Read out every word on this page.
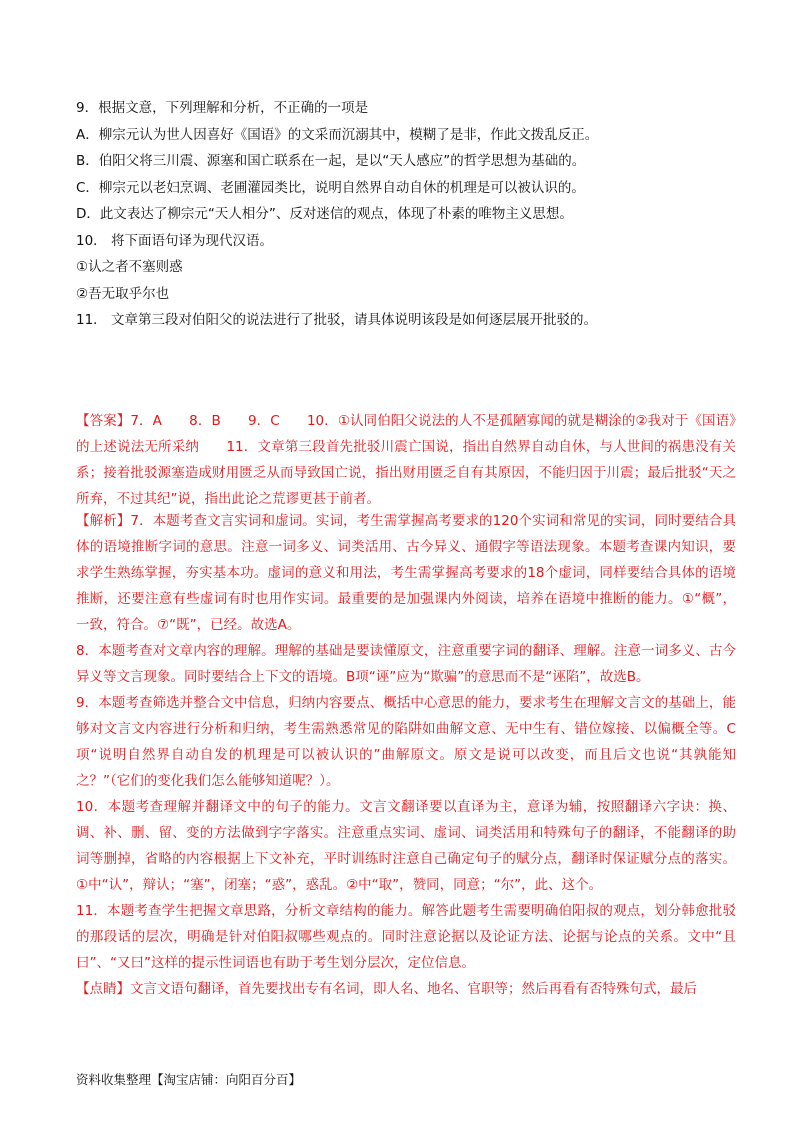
9．根据文意，下列理解和分析，不正确的一项是

A．柳宗元认为世人因喜好《国语》的文采而沉溺其中，模糊了是非，作此文拨乱反正。

B．伯阳父将三川震、源塞和国亡联系在一起，是以“天人感应”的哲学思想为基础的。

C．柳宗元以老妇烹调、老圃灌园类比，说明自然界自动自休的机理是可以被认识的。

D．此文表达了柳宗元“天人相分”、反对迷信的观点，体现了朴素的唯物主义思想。

10． 将下面语句译为现代汉语。

①认之者不塞则惑

②吾无取乎尔也

11． 文章第三段对伯阳父的说法进行了批驳，请具体说明该段是如何逐层展开批驳的。

【答案】7．A　　8．B　　9．C　　10．①认同伯阳父说法的人不是孤陋寡闻的就是糊涂的②我对于《国语》的上述说法无所采纳　　11．文章第三段首先批驳川震亡国说，指出自然界自动自休，与人世间的祸患没有关系；接着批驳源塞造成财用匮乏从而导致国亡说，指出财用匮乏自有其原因，不能归因于川震；最后批驳“天之所弃，不过其纪”说，指出此论之荒谬更甚于前者。

【解析】7．本题考查文言实词和虚词。实词，考生需掌握高考要求的120个实词和常见的实词，同时要结合具体的语境推断字词的意思。注意一词多义、词类活用、古今异义、通假字等语法现象。本题考查课内知识，要求学生熟练掌握，夯实基本功。虚词的意义和用法，考生需掌握高考要求的18个虚词，同样要结合具体的语境推断，还要注意有些虚词有时也用作实词。最重要的是加强课内外阅读，培养在语境中推断的能力。①“概”，一致，符合。⑦“既”，已经。故选A。

8．本题考查对文章内容的理解。理解的基础是要读懂原文，注意重要字词的翻译、理解。注意一词多义、古今异义等文言现象。同时要结合上下文的语境。B项“诬”应为“欺骗”的意思而不是“诬陷”，故选B。

9．本题考查筛选并整合文中信息，归纳内容要点、概括中心意思的能力，要求考生在理解文言文的基础上，能够对文言文内容进行分析和归纳，考生需熟悉常见的陷阱如曲解文意、无中生有、错位嫁接、以偏概全等。C项“说明自然界自动自发的机理是可以被认识的”曲解原文。原文是说可以改变，而且后文也说“其孰能知之？”（它们的变化我们怎么能够知道呢？）。

10．本题考查理解并翻译文中的句子的能力。文言文翻译要以直译为主，意译为辅，按照翻译六字诀：换、调、补、删、留、变的方法做到字字落实。注意重点实词、虚词、词类活用和特殊句子的翻译，不能翻译的助词等删掉，省略的内容根据上下文补充，平时训练时注意自己确定句子的赋分点，翻译时保证赋分点的落实。①中“认”，辩认；“塞”，闭塞；“惑”，惑乱。②中“取”，赞同，同意；“尔”，此、这个。

11．本题考查学生把握文章思路，分析文章结构的能力。解答此题考生需要明确伯阳叔的观点，划分韩愈批驳的那段话的层次，明确是针对伯阳叔哪些观点的。同时注意论据以及论证方法、论据与论点的关系。文中“且曰”、“又曰”这样的提示性词语也有助于考生划分层次，定位信息。

【点睛】文言文语句翻译，首先要找出专有名词，即人名、地名、官职等；然后再看有否特殊句式，最后

资料收集整理【淘宝店铺：向阳百分百】
